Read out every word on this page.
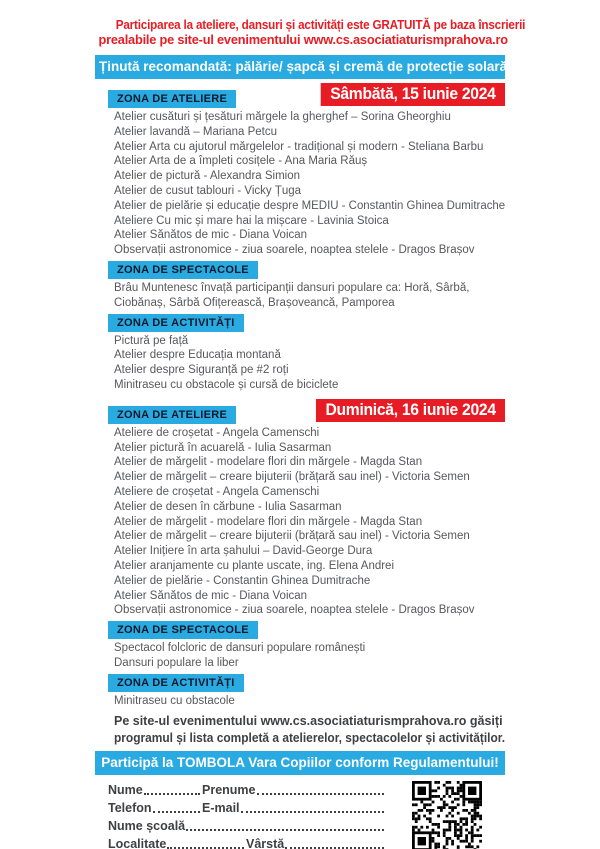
Participarea la ateliere, dansuri și activități este GRATUITĂ pe baza înscrierii
prealabile pe site-ul evenimentului www.cs.asociatiaturismprahova.ro
Ținută recomandată: pălărie/ șapcă și cremă de protecție solară
Sâmbătă, 15 iunie 2024
ZONA DE ATELIERE
Atelier cusături și țesături mărgele la gherghef – Sorina Gheorghiu
Atelier lavandă – Mariana Petcu
Atelier Arta cu ajutorul mărgelelor - tradițional și modern - Steliana Barbu
Atelier Arta de a împleti cosițele - Ana Maria Răuș
Atelier de pictură - Alexandra Simion
Atelier de cusut tablouri - Vicky Țuga
Atelier de pielărie și educație despre MEDIU - Constantin Ghinea Dumitrache
Ateliere Cu mic și mare hai la mișcare - Lavinia Stoica
Atelier Sănătos de mic - Diana Voican
Observații astronomice - ziua soarele, noaptea stelele - Dragos Brașov
ZONA DE SPECTACOLE
Brâu Muntenesc învață participanții dansuri populare ca: Horă, Sârbă, Ciobănaș, Sârbă Ofițerească, Brașoveancă, Pamporea
ZONA DE ACTIVITĂȚI
Pictură pe față
Atelier despre Educația montană
Atelier despre Siguranță pe #2 roți
Minitraseu cu obstacole și cursă de biciclete
Duminică, 16 iunie 2024
ZONA DE ATELIERE
Ateliere de croșetat - Angela Camenschi
Atelier pictură în acuarelă - Iulia Sasarman
Atelier de mărgelit - modelare flori din mărgele - Magda Stan
Atelier de mărgelit – creare bijuterii (brățară sau inel) - Victoria Semen
Ateliere de croșetat - Angela Camenschi
Atelier de desen în cărbune - Iulia Sasarman
Atelier de mărgelit - modelare flori din mărgele - Magda Stan
Atelier de mărgelit – creare bijuterii (brățară sau inel) - Victoria Semen
Atelier Inițiere în arta șahului – David-George Dura
Atelier aranjamente cu plante uscate, ing. Elena Andrei
Atelier de pielărie - Constantin Ghinea Dumitrache
Atelier Sănătos de mic - Diana Voican
Observații astronomice - ziua soarele, noaptea stelele - Dragos Brașov
ZONA DE SPECTACOLE
Spectacol folcloric de dansuri populare românești
Dansuri populare la liber
ZONA DE ACTIVITĂȚI
Minitraseu cu obstacole
Pe site-ul evenimentului www.cs.asociatiaturismprahova.ro găsiți
programul și lista completă a atelierelor, spectacolelor și activităților.
Participă la TOMBOLA Vara Copiilor conform Regulamentului!
Nume	Prenume
Telefon	E-mail
Nume școală
Localitate	Vârstă
